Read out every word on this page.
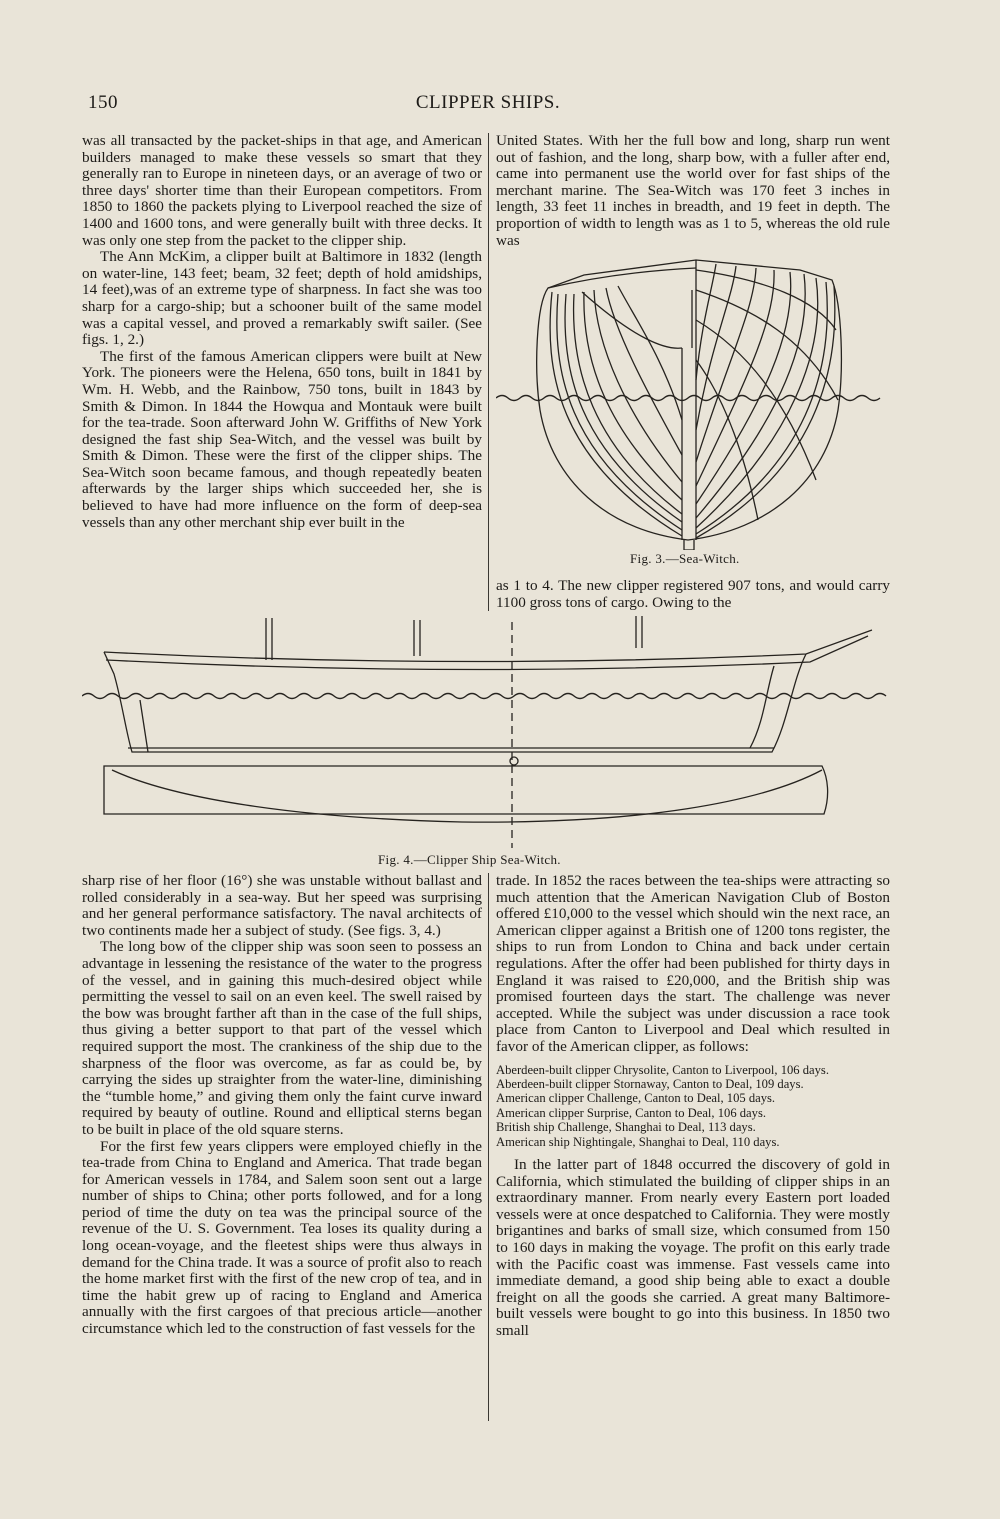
150	CLIPPER SHIPS.

was all transacted by the packet-ships in that age, and American builders managed to make these vessels so smart that they generally ran to Europe in nineteen days, or an average of two or three days' shorter time than their European competitors. From 1850 to 1860 the packets plying to Liverpool reached the size of 1400 and 1600 tons, and were generally built with three decks. It was only one step from the packet to the clipper ship.

The Ann McKim, a clipper built at Baltimore in 1832 (length on water-line, 143 feet; beam, 32 feet; depth of hold amidships, 14 feet),was of an extreme type of sharpness. In fact she was too sharp for a cargo-ship; but a schooner built of the same model was a capital vessel, and proved a remarkably swift sailer. (See figs. 1, 2.)

The first of the famous American clippers were built at New York. The pioneers were the Helena, 650 tons, built in 1841 by Wm. H. Webb, and the Rainbow, 750 tons, built in 1843 by Smith & Dimon. In 1844 the Howqua and Montauk were built for the tea-trade. Soon afterward John W. Griffiths of New York designed the fast ship Sea-Witch, and the vessel was built by Smith & Dimon. These were the first of the clipper ships. The Sea-Witch soon became famous, and though repeatedly beaten afterwards by the larger ships which succeeded her, she is believed to have had more influence on the form of deep-sea vessels than any other merchant ship ever built in the

United States. With her the full bow and long, sharp run went out of fashion, and the long, sharp bow, with a fuller after end, came into permanent use the world over for fast ships of the merchant marine. The Sea-Witch was 170 feet 3 inches in length, 33 feet 11 inches in breadth, and 19 feet in depth. The proportion of width to length was as 1 to 5, whereas the old rule was

Fig. 3.—Sea-Witch.

as 1 to 4. The new clipper registered 907 tons, and would carry 1100 gross tons of cargo. Owing to the

Fig. 4.—Clipper Ship Sea-Witch.

sharp rise of her floor (16°) she was unstable without ballast and rolled considerably in a sea-way. But her speed was surprising and her general performance satisfactory. The naval architects of two continents made her a subject of study. (See figs. 3, 4.)

The long bow of the clipper ship was soon seen to possess an advantage in lessening the resistance of the water to the progress of the vessel, and in gaining this much-desired object while permitting the vessel to sail on an even keel. The swell raised by the bow was brought farther aft than in the case of the full ships, thus giving a better support to that part of the vessel which required support the most. The crankiness of the ship due to the sharpness of the floor was overcome, as far as could be, by carrying the sides up straighter from the water-line, diminishing the “tumble home,” and giving them only the faint curve inward required by beauty of outline. Round and elliptical sterns began to be built in place of the old square sterns.

For the first few years clippers were employed chiefly in the tea-trade from China to England and America. That trade began for American vessels in 1784, and Salem soon sent out a large number of ships to China; other ports followed, and for a long period of time the duty on tea was the principal source of the revenue of the U. S. Government. Tea loses its quality during a long ocean-voyage, and the fleetest ships were thus always in demand for the China trade. It was a source of profit also to reach the home market first with the first of the new crop of tea, and in time the habit grew up of racing to England and America annually with the first cargoes of that precious article—another circumstance which led to the construction of fast vessels for the

trade. In 1852 the races between the tea-ships were attracting so much attention that the American Navigation Club of Boston offered £10,000 to the vessel which should win the next race, an American clipper against a British one of 1200 tons register, the ships to run from London to China and back under certain regulations. After the offer had been published for thirty days in England it was raised to £20,000, and the British ship was promised fourteen days the start. The challenge was never accepted. While the subject was under discussion a race took place from Canton to Liverpool and Deal which resulted in favor of the American clipper, as follows:

Aberdeen-built clipper Chrysolite, Canton to Liverpool, 106 days.
Aberdeen-built clipper Stornaway, Canton to Deal, 109 days.
American clipper Challenge, Canton to Deal, 105 days.
American clipper Surprise, Canton to Deal, 106 days.
British ship Challenge, Shanghai to Deal, 113 days.
American ship Nightingale, Shanghai to Deal, 110 days.

In the latter part of 1848 occurred the discovery of gold in California, which stimulated the building of clipper ships in an extraordinary manner. From nearly every Eastern port loaded vessels were at once despatched to California. They were mostly brigantines and barks of small size, which consumed from 150 to 160 days in making the voyage. The profit on this early trade with the Pacific coast was immense. Fast vessels came into immediate demand, a good ship being able to exact a double freight on all the goods she carried. A great many Baltimore-built vessels were bought to go into this business. In 1850 two small
